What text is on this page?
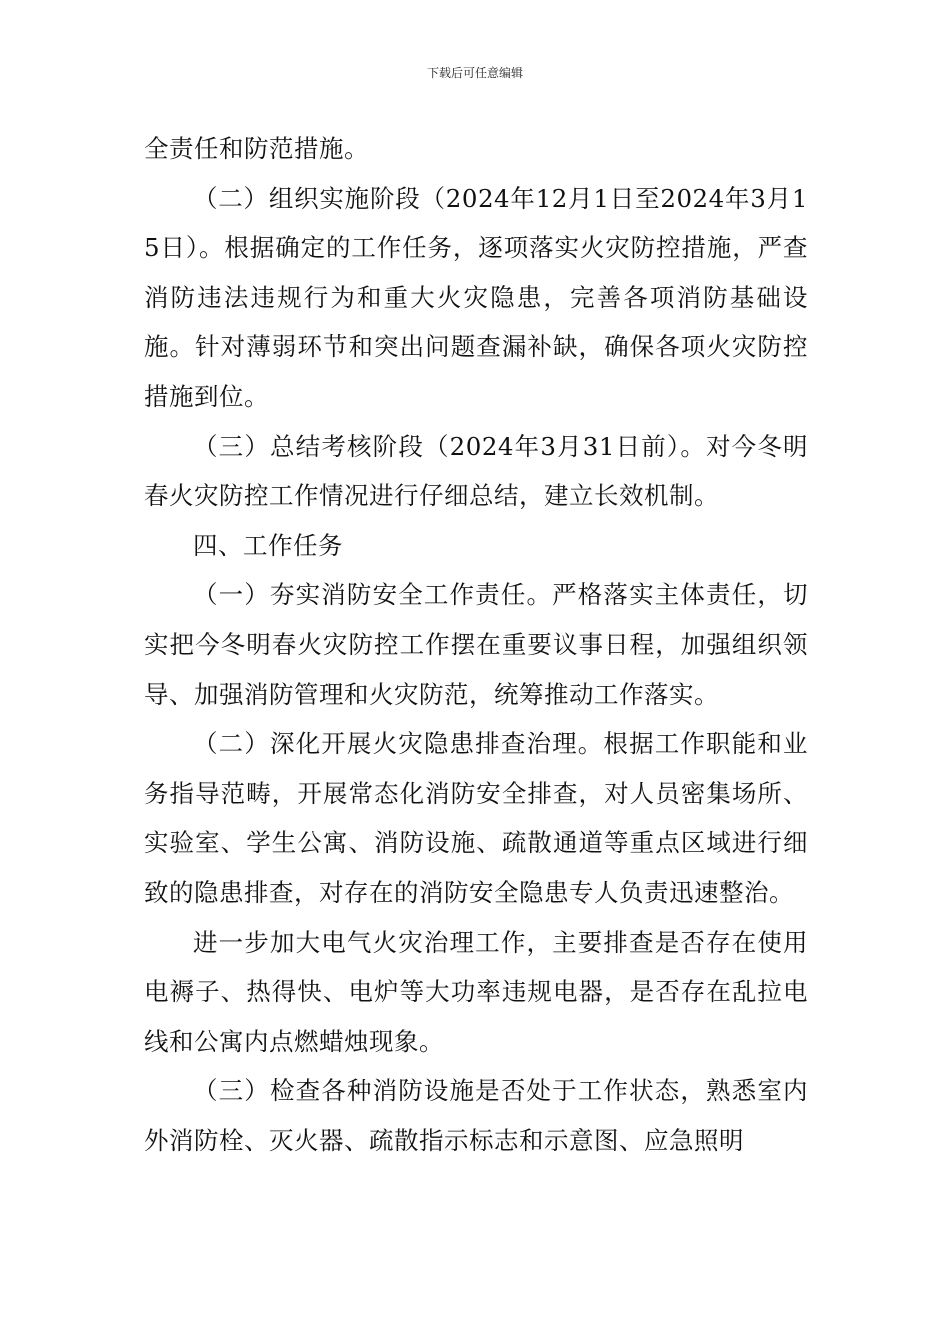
下载后可任意编辑

全责任和防范措施。

（二）组织实施阶段（2024年12月1日至2024年3月15日）。根据确定的工作任务，逐项落实火灾防控措施，严查消防违法违规行为和重大火灾隐患，完善各项消防基础设施。针对薄弱环节和突出问题查漏补缺，确保各项火灾防控措施到位。

（三）总结考核阶段（2024年3月31日前）。对今冬明春火灾防控工作情况进行仔细总结，建立长效机制。

四、工作任务

（一）夯实消防安全工作责任。严格落实主体责任，切实把今冬明春火灾防控工作摆在重要议事日程，加强组织领导、加强消防管理和火灾防范，统筹推动工作落实。

（二）深化开展火灾隐患排查治理。根据工作职能和业务指导范畴，开展常态化消防安全排查，对人员密集场所、实验室、学生公寓、消防设施、疏散通道等重点区域进行细致的隐患排查，对存在的消防安全隐患专人负责迅速整治。

进一步加大电气火灾治理工作，主要排查是否存在使用电褥子、热得快、电炉等大功率违规电器，是否存在乱拉电线和公寓内点燃蜡烛现象。

（三）检查各种消防设施是否处于工作状态，熟悉室内外消防栓、灭火器、疏散指示标志和示意图、应急照明
